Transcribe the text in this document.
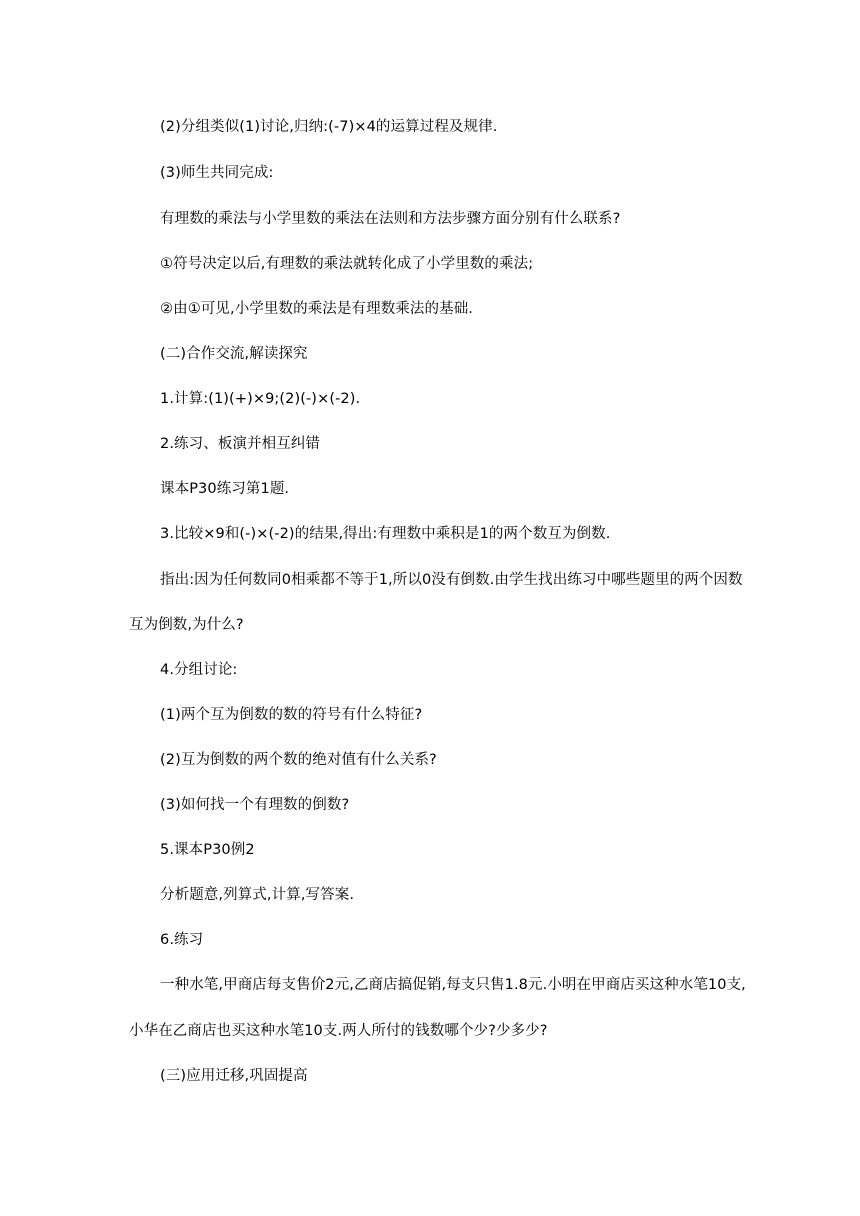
(2)分组类似(1)讨论,归纳:(-7)×4的运算过程及规律.
(3)师生共同完成:
有理数的乘法与小学里数的乘法在法则和方法步骤方面分别有什么联系?
①符号决定以后,有理数的乘法就转化成了小学里数的乘法;
②由①可见,小学里数的乘法是有理数乘法的基础.
(二)合作交流,解读探究
1.计算:(1)(+)×9;(2)(-)×(-2).
2.练习、板演并相互纠错
课本P30练习第1题.
3.比较×9和(-)×(-2)的结果,得出:有理数中乘积是1的两个数互为倒数.
指出:因为任何数同0相乘都不等于1,所以0没有倒数.由学生找出练习中哪些题里的两个因数
互为倒数,为什么?
4.分组讨论:
(1)两个互为倒数的数的符号有什么特征?
(2)互为倒数的两个数的绝对值有什么关系?
(3)如何找一个有理数的倒数?
5.课本P30例2
分析题意,列算式,计算,写答案.
6.练习
一种水笔,甲商店每支售价2元,乙商店搞促销,每支只售1.8元.小明在甲商店买这种水笔10支,
小华在乙商店也买这种水笔10支.两人所付的钱数哪个少?少多少?
(三)应用迁移,巩固提高
